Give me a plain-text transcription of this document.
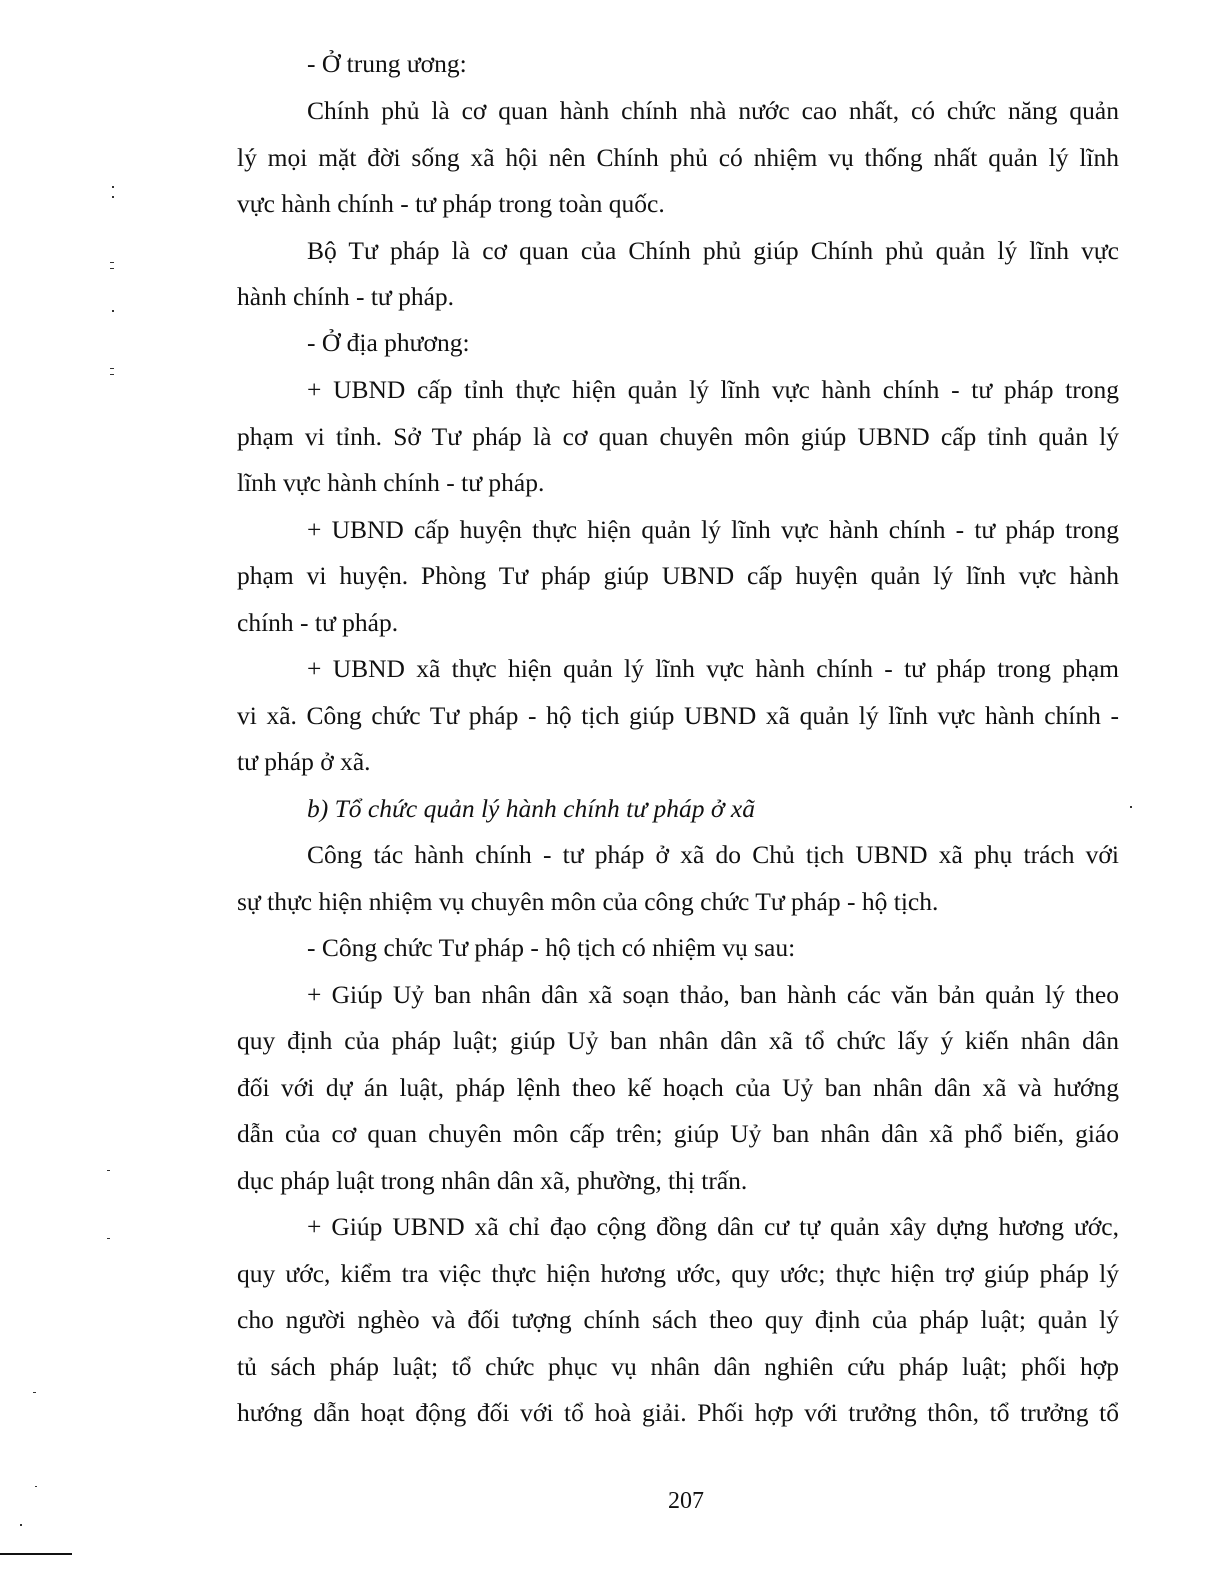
- Ở trung ương:
Chính phủ là cơ quan hành chính nhà nước cao nhất, có chức năng quản
lý mọi mặt đời sống xã hội nên Chính phủ có nhiệm vụ thống nhất quản lý lĩnh
vực hành chính - tư pháp trong toàn quốc.
Bộ Tư pháp là cơ quan của Chính phủ giúp Chính phủ quản lý lĩnh vực
hành chính - tư pháp.
- Ở địa phương:
+ UBND cấp tỉnh thực hiện quản lý lĩnh vực hành chính - tư pháp trong
phạm vi tỉnh. Sở Tư pháp là cơ quan chuyên môn giúp UBND cấp tỉnh quản lý
lĩnh vực hành chính - tư pháp.
+ UBND cấp huyện thực hiện quản lý lĩnh vực hành chính - tư pháp trong
phạm vi huyện. Phòng Tư pháp giúp UBND cấp huyện quản lý lĩnh vực hành
chính - tư pháp.
+ UBND xã thực hiện quản lý lĩnh vực hành chính - tư pháp trong phạm
vi xã. Công chức Tư pháp - hộ tịch giúp UBND xã quản lý lĩnh vực hành chính -
tư pháp ở xã.
b) Tổ chức quản lý hành chính tư pháp ở xã
Công tác hành chính - tư pháp ở xã do Chủ tịch UBND xã phụ trách với
sự thực hiện nhiệm vụ chuyên môn của công chức Tư pháp - hộ tịch.
- Công chức Tư pháp - hộ tịch có nhiệm vụ sau:
+ Giúp Uỷ ban nhân dân xã soạn thảo, ban hành các văn bản quản lý theo
quy định của pháp luật; giúp Uỷ ban nhân dân xã tổ chức lấy ý kiến nhân dân
đối với dự án luật, pháp lệnh theo kế hoạch của Uỷ ban nhân dân xã và hướng
dẫn của cơ quan chuyên môn cấp trên; giúp Uỷ ban nhân dân xã phổ biến, giáo
dục pháp luật trong nhân dân xã, phường, thị trấn.
+ Giúp UBND xã chỉ đạo cộng đồng dân cư tự quản xây dựng hương ước,
quy ước, kiểm tra việc thực hiện hương ước, quy ước; thực hiện trợ giúp pháp lý
cho người nghèo và đối tượng chính sách theo quy định của pháp luật; quản lý
tủ sách pháp luật; tổ chức phục vụ nhân dân nghiên cứu pháp luật; phối hợp
hướng dẫn hoạt động đối với tổ hoà giải. Phối hợp với trưởng thôn, tổ trưởng tổ
207
